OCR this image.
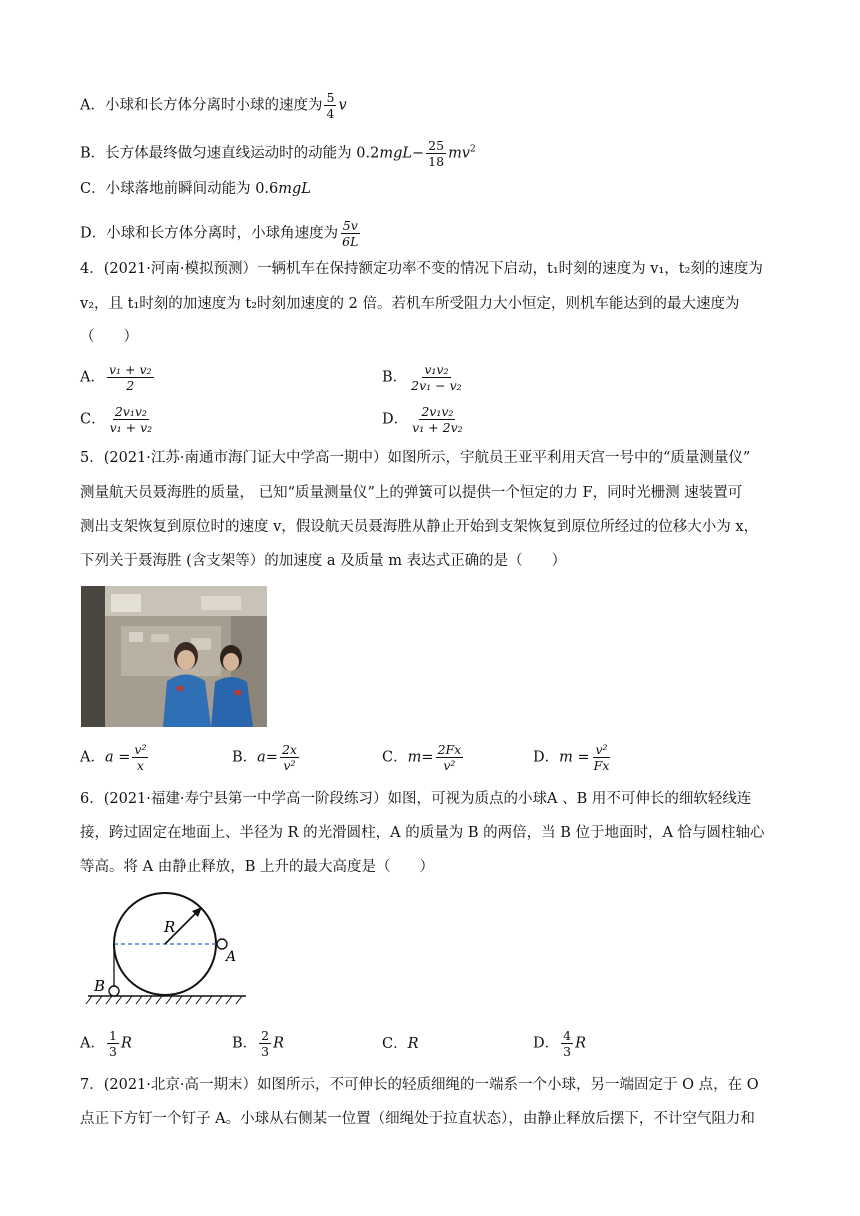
A．小球和长方体分离时小球的速度为 $\frac{5}{4}$ v
B．长方体最终做匀速直线运动时的动能为 $0.2mgL- \frac{25}{18} mv^2$
C．小球落地前瞬间动能为 0.6mgL
D．小球和长方体分离时，小球角速度为 $\frac{5v}{6L}$
4．(2021·河南·模拟预测）一辆机车在保持额定功率不变的情况下启动，t₁时刻的速度为 v₁，t₂刻的速度为
v₂，且 t₁时刻的加速度为 t₂时刻加速度的 2 倍。若机车所受阻力大小恒定，则机车能达到的最大速度为
（　　）
A． $\frac{\text{v₁ + v₂}}{2}$	B． $\frac{\text{v₁v₂}}{\text{2v₁ − v₂}}$
C． $\frac{\text{2v₁v₂}}{\text{v₁ + v₂}}$	D． $\frac{\text{2v₁v₂}}{\text{v₁ + 2v₂}}$
5．(2021·江苏·南通市海门证大中学高一期中）如图所示，宇航员王亚平利用天宫一号中的“质量测量仪”
测量航天员聂海胜的质量， 已知“质量测量仪”上的弹簧可以提供一个恒定的力 F，同时光栅测 速装置可
测出支架恢复到原位时的速度 v，假设航天员聂海胜从静止开始到支架恢复到原位所经过的位移大小为 x，
下列关于聂海胜 (含支架等）的加速度 a 及质量 m 表达式正确的是（　　）
A．$a = \frac{\text{v²}}{x}$	B．$a= \frac{2x}{\text{v²}}$	C．$m= \frac{2Fx}{\text{v²}}$	D．$m = \frac{\text{v²}}{Fx}$
6．(2021·福建·寿宁县第一中学高一阶段练习）如图，可视为质点的小球A 、B 用不可伸长的细软轻线连
接，跨过固定在地面上、半径为 R 的光滑圆柱，A 的质量为 B 的两倍，当 B 位于地面时，A 恰与圆柱轴心
等高。将 A 由静止释放，B 上升的最大高度是（　　）
R
A
B
A． $\frac{1}{3}$ R	B． $\frac{2}{3}$ R	C．R	D． $\frac{4}{3}$ R
7．(2021·北京·高一期末）如图所示，不可伸长的轻质细绳的一端系一个小球，另一端固定于 O 点，在 O
点正下方钉一个钉子 A。小球从右侧某一位置（细绳处于拉直状态），由静止释放后摆下，不计空气阻力和
